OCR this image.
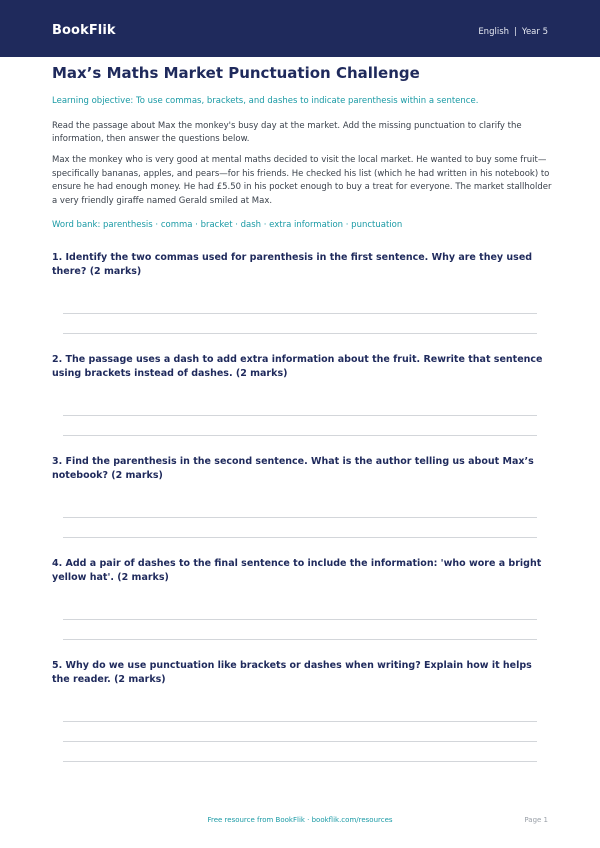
BookFlik	English | Year 5
Max’s Maths Market Punctuation Challenge
Learning objective: To use commas, brackets, and dashes to indicate parenthesis within a sentence.
Read the passage about Max the monkey's busy day at the market. Add the missing punctuation to clarify the information, then answer the questions below.
Max the monkey who is very good at mental maths decided to visit the local market. He wanted to buy some fruit—specifically bananas, apples, and pears—for his friends. He checked his list (which he had written in his notebook) to ensure he had enough money. He had £5.50 in his pocket enough to buy a treat for everyone. The market stallholder a very friendly giraffe named Gerald smiled at Max.
Word bank: parenthesis · comma · bracket · dash · extra information · punctuation
1. Identify the two commas used for parenthesis in the first sentence. Why are they used there? (2 marks)
2. The passage uses a dash to add extra information about the fruit. Rewrite that sentence using brackets instead of dashes. (2 marks)
3. Find the parenthesis in the second sentence. What is the author telling us about Max’s notebook? (2 marks)
4. Add a pair of dashes to the final sentence to include the information: 'who wore a bright yellow hat'. (2 marks)
5. Why do we use punctuation like brackets or dashes when writing? Explain how it helps the reader. (2 marks)
Free resource from BookFlik · bookflik.com/resources	Page 1
